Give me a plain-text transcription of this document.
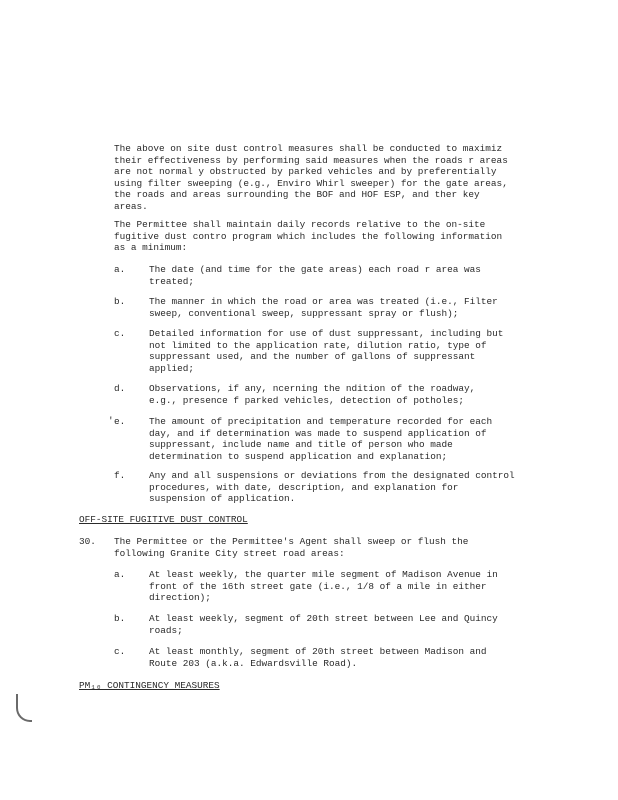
The above on site dust control measures shall be conducted to maximiz
their effectiveness by performing said measures when the roads r areas
are not normal y obstructed by parked vehicles and by preferentially
using filter sweeping (e.g., Enviro Whirl sweeper) for the gate areas,
the roads and areas surrounding the BOF and HOF ESP, and ther key
areas.

The Permittee shall maintain daily records relative to the on-site
fugitive dust contro program which includes the following information
as a minimum:

a.	The date (and time for the gate areas) each road r area was
treated;
b.	The manner in which the road or area was treated (i.e., Filter
sweep, conventional sweep, suppressant spray or flush);
c.	Detailed information for use of dust suppressant, including but
not limited to the application rate, dilution ratio, type of
suppressant used, and the number of gallons of suppressant
applied;
d.	Observations, if any, ncerning the ndition of the roadway,
e.g., presence f parked vehicles, detection of potholes;
' e.	The amount of precipitation and temperature recorded for each
day, and if determination was made to suspend application of
suppressant, include name and title of person who made
determination to suspend application and explanation;
f.	Any and all suspensions or deviations from the designated control
procedures, with date, description, and explanation for
suspension of application.
OFF-SITE FUGITIVE DUST CONTROL
30. The Permittee or the Permittee's Agent shall sweep or flush the
following Granite City street road areas:
a.	At least weekly, the quarter mile segment of Madison Avenue in
front of the 16th street gate (i.e., 1/8 of a mile in either
direction);
b.	At least weekly, segment of 20th street between Lee and Quincy
roads;
c.	At least monthly, segment of 20th street between Madison and
Route 203 (a.k.a. Edwardsville Road).
PM₁₀ CONTINGENCY MEASURES
